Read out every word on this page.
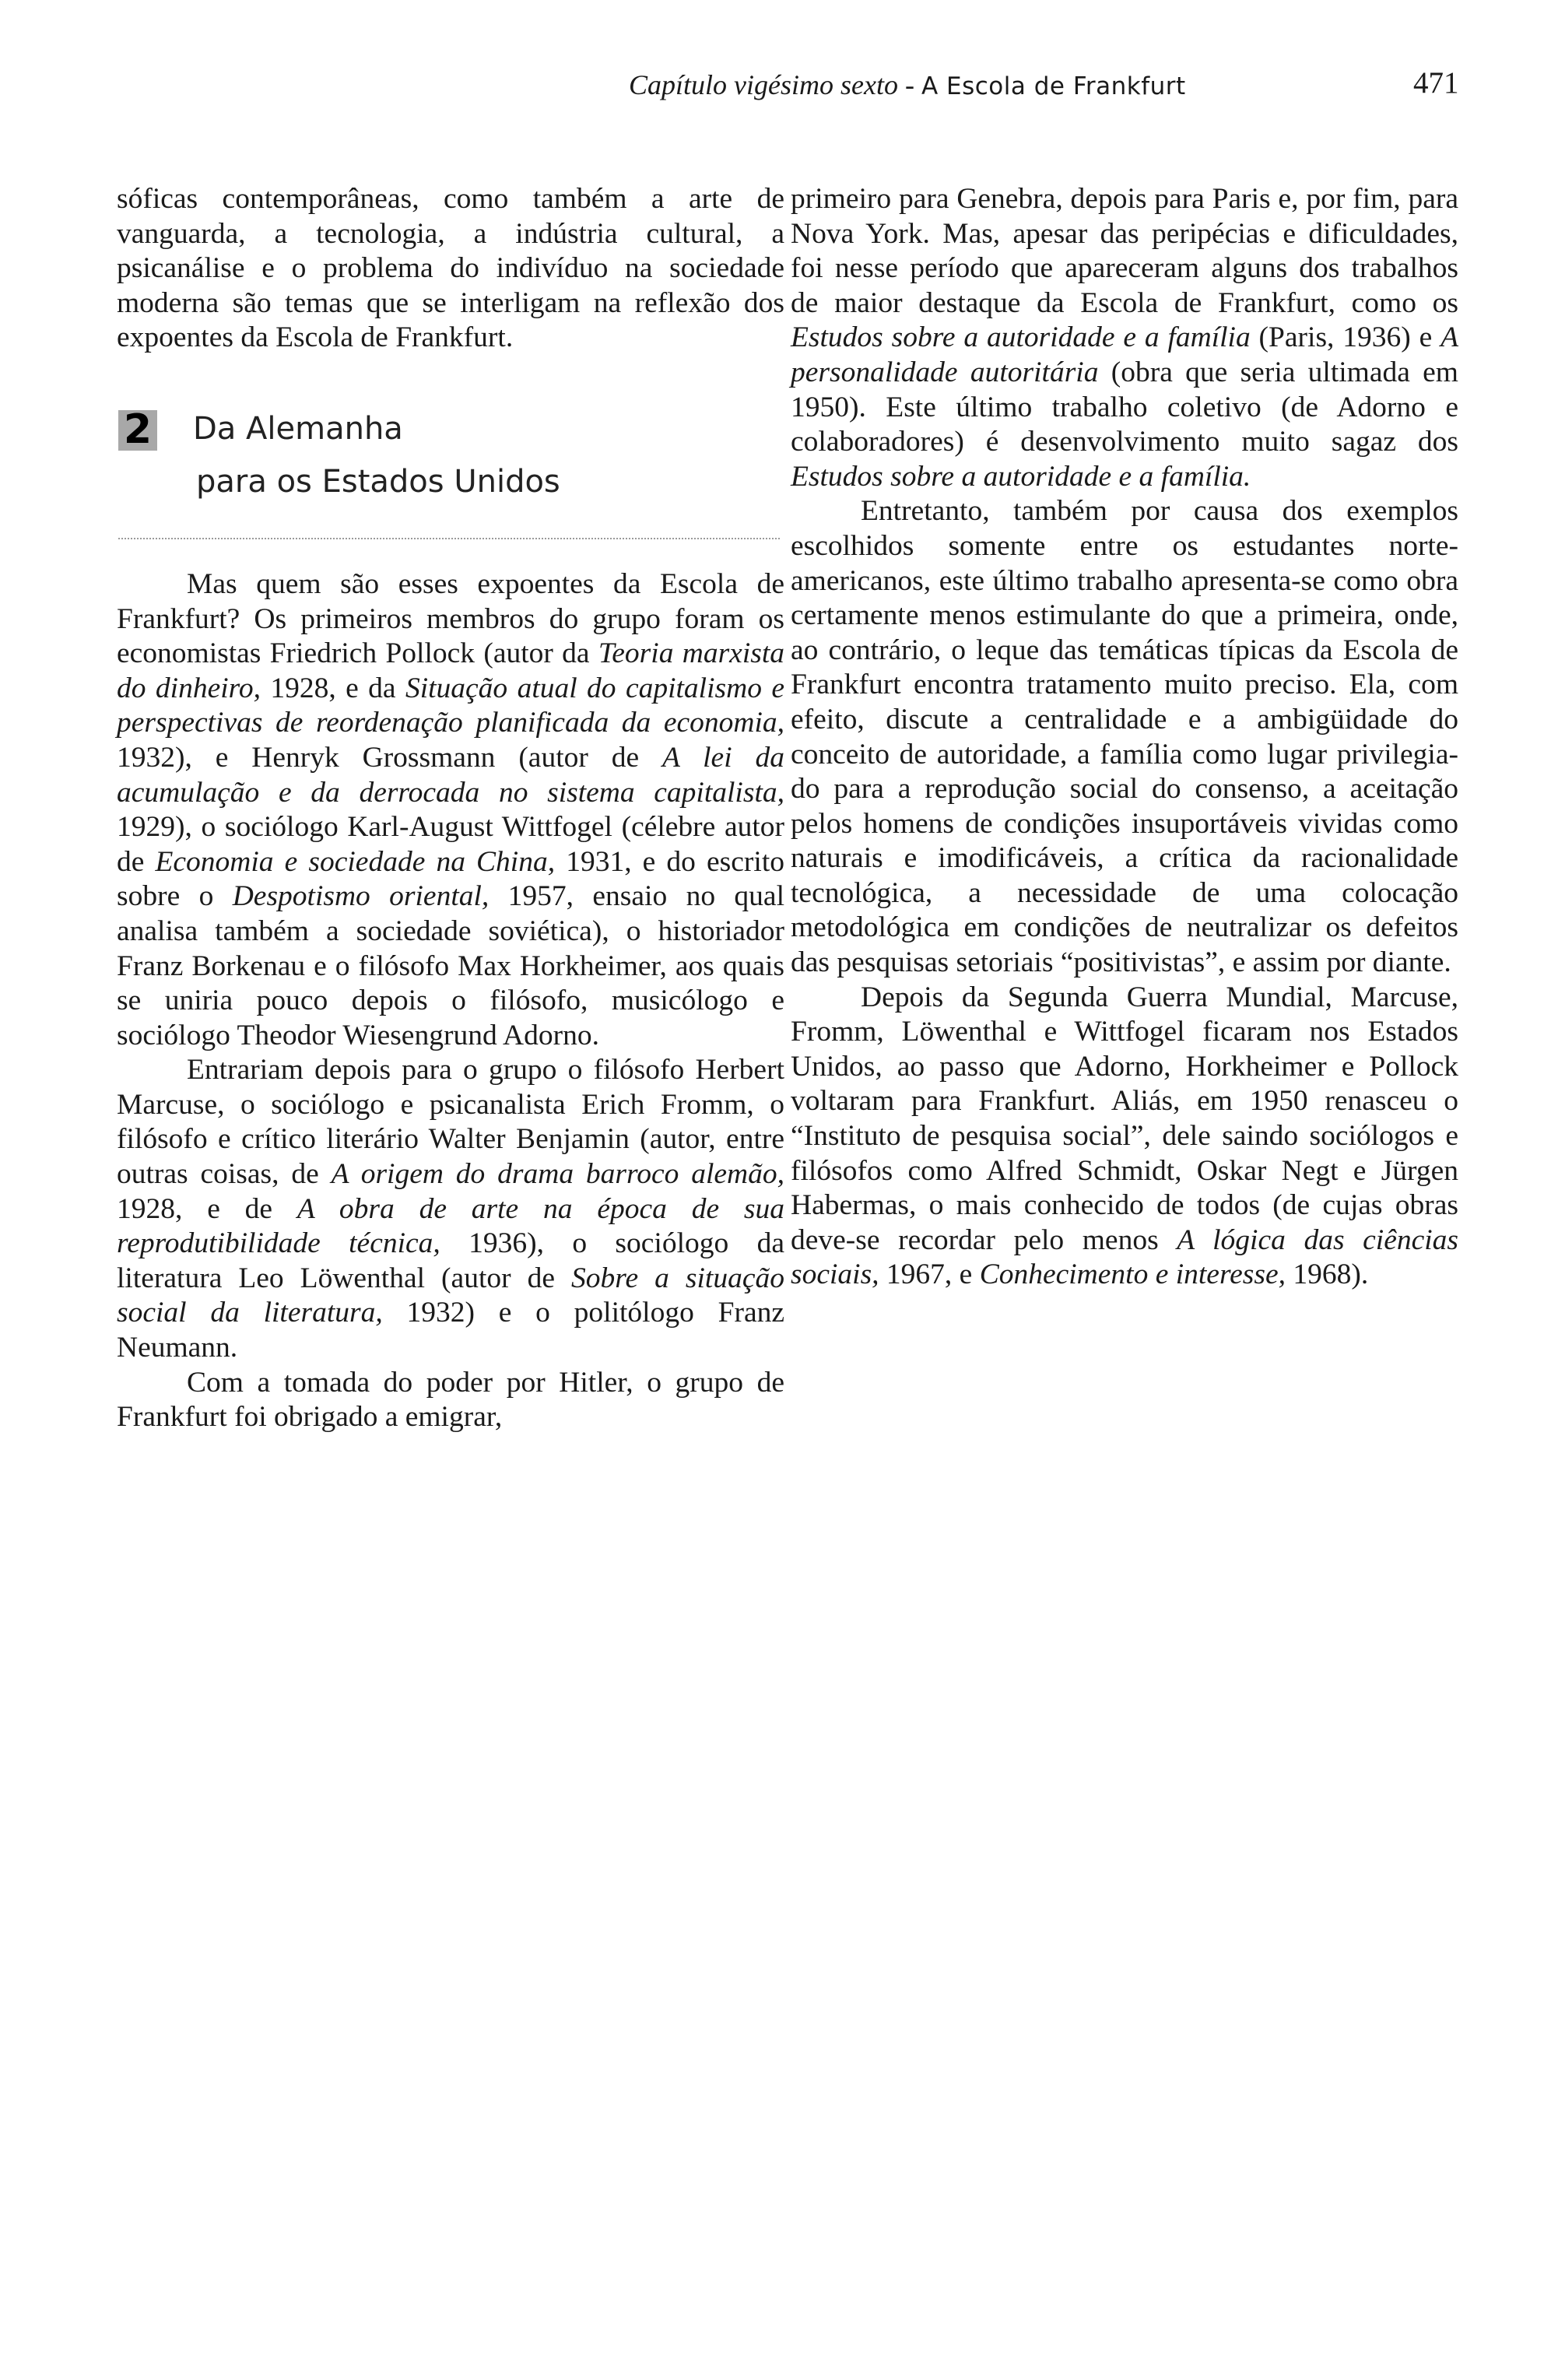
Capítulo vigésimo sexto - A Escola de Frankfurt	471

sóficas contemporâneas, como também a arte de vanguarda, a tecnologia, a indústria cultural, a psicanálise e o problema do indivíduo na sociedade moderna são temas que se interligam na reflexão dos expoentes da Escola de Frankfurt.

2 Da Alemanha
para os Estados Unidos

Mas quem são esses expoentes da Escola de Frankfurt? Os primeiros membros do grupo foram os economistas Friedrich Pollock (autor da Teoria marxista do dinheiro, 1928, e da Situação atual do capitalismo e perspectivas de reordenação planificada da economia, 1932), e Henryk Grossmann (autor de A lei da acumulação e da derrocada no sistema capitalista, 1929), o sociólogo Karl-August Wittfogel (célebre autor de Economia e sociedade na China, 1931, e do escrito sobre o Despotismo oriental, 1957, ensaio no qual analisa também a sociedade soviética), o historiador Franz Borkenau e o filósofo Max Horkheimer, aos quais se uniria pouco depois o filósofo, musicólogo e sociólogo Theodor Wiesengrund Adorno.

Entrariam depois para o grupo o filósofo Herbert Marcuse, o sociólogo e psicanalista Erich Fromm, o filósofo e crítico literário Walter Benjamin (autor, entre outras coisas, de A origem do drama barroco alemão, 1928, e de A obra de arte na época de sua reprodutibilidade técnica, 1936), o sociólogo da literatura Leo Löwenthal (autor de Sobre a situação social da literatura, 1932) e o politólogo Franz Neumann.

Com a tomada do poder por Hitler, o grupo de Frankfurt foi obrigado a emigrar,

primeiro para Genebra, depois para Paris e, por fim, para Nova York. Mas, apesar das peripécias e dificuldades, foi nesse período que apareceram alguns dos trabalhos de maior destaque da Escola de Frankfurt, como os Estudos sobre a autoridade e a família (Paris, 1936) e A personalidade autoritária (obra que seria ultimada em 1950). Este último trabalho coletivo (de Adorno e colaboradores) é desenvolvimento muito sagaz dos Estudos sobre a autoridade e a família.

Entretanto, também por causa dos exemplos escolhidos somente entre os estudantes norte-americanos, este último trabalho apresenta-se como obra certamente menos estimulante do que a primeira, onde, ao contrário, o leque das temáticas típicas da Escola de Frankfurt encontra tratamento muito preciso. Ela, com efeito, discute a centralidade e a ambigüidade do conceito de autoridade, a família como lugar privilegiado para a reprodução social do consenso, a aceitação pelos homens de condições insuportáveis vividas como naturais e imodificáveis, a crítica da racionalidade tecnológica, a necessidade de uma colocação metodológica em condições de neutralizar os defeitos das pesquisas setoriais “positivistas”, e assim por diante.

Depois da Segunda Guerra Mundial, Marcuse, Fromm, Löwenthal e Wittfogel ficaram nos Estados Unidos, ao passo que Adorno, Horkheimer e Pollock voltaram para Frankfurt. Aliás, em 1950 renasceu o “Instituto de pesquisa social”, dele saindo sociólogos e filósofos como Alfred Schmidt, Oskar Negt e Jürgen Habermas, o mais conhecido de todos (de cujas obras deve-se recordar pelo menos A lógica das ciências sociais, 1967, e Conhecimento e interesse, 1968).
